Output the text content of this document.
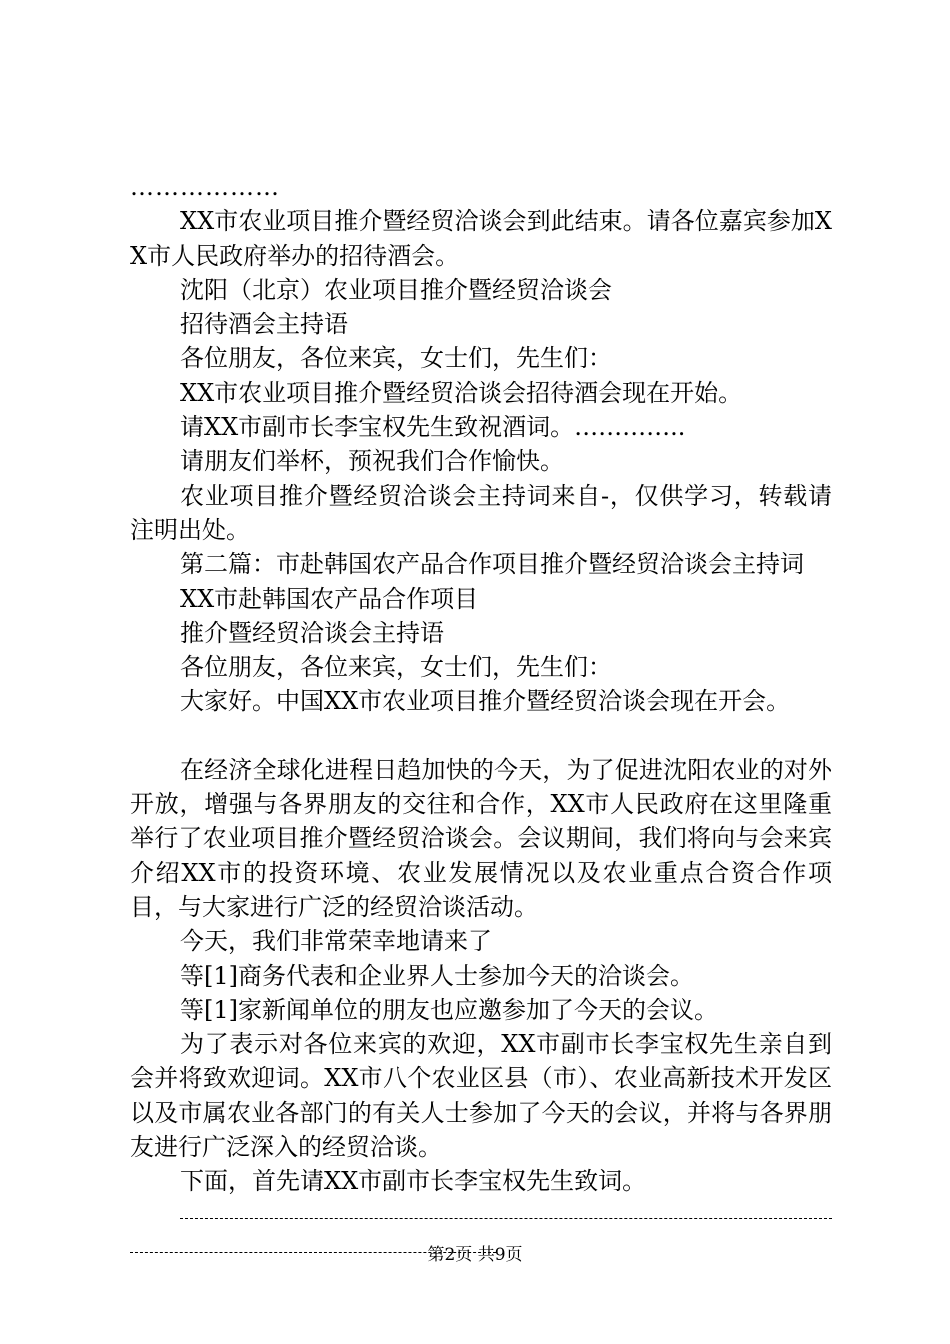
………………

XX市农业项目推介暨经贸洽谈会到此结束。请各位嘉宾参加XX市人民政府举办的招待酒会。

沈阳（北京）农业项目推介暨经贸洽谈会

招待酒会主持语

各位朋友，各位来宾，女士们，先生们：

XX市农业项目推介暨经贸洽谈会招待酒会现在开始。

请XX市副市长李宝权先生致祝酒词。…………..

请朋友们举杯，预祝我们合作愉快。

农业项目推介暨经贸洽谈会主持词来自-，仅供学习，转载请注明出处。

第二篇：市赴韩国农产品合作项目推介暨经贸洽谈会主持词

XX市赴韩国农产品合作项目

推介暨经贸洽谈会主持语

各位朋友，各位来宾，女士们，先生们：

大家好。中国XX市农业项目推介暨经贸洽谈会现在开会。

在经济全球化进程日趋加快的今天，为了促进沈阳农业的对外开放，增强与各界朋友的交往和合作，XX市人民政府在这里隆重举行了农业项目推介暨经贸洽谈会。会议期间，我们将向与会来宾介绍XX市的投资环境、农业发展情况以及农业重点合资合作项目，与大家进行广泛的经贸洽谈活动。

今天，我们非常荣幸地请来了

等[1]商务代表和企业界人士参加今天的洽谈会。

等[1]家新闻单位的朋友也应邀参加了今天的会议。

为了表示对各位来宾的欢迎，XX市副市长李宝权先生亲自到会并将致欢迎词。XX市八个农业区县（市）、农业高新技术开发区以及市属农业各部门的有关人士参加了今天的会议，并将与各界朋友进行广泛深入的经贸洽谈。

下面，首先请XX市副市长李宝权先生致词。

第2页 共9页
